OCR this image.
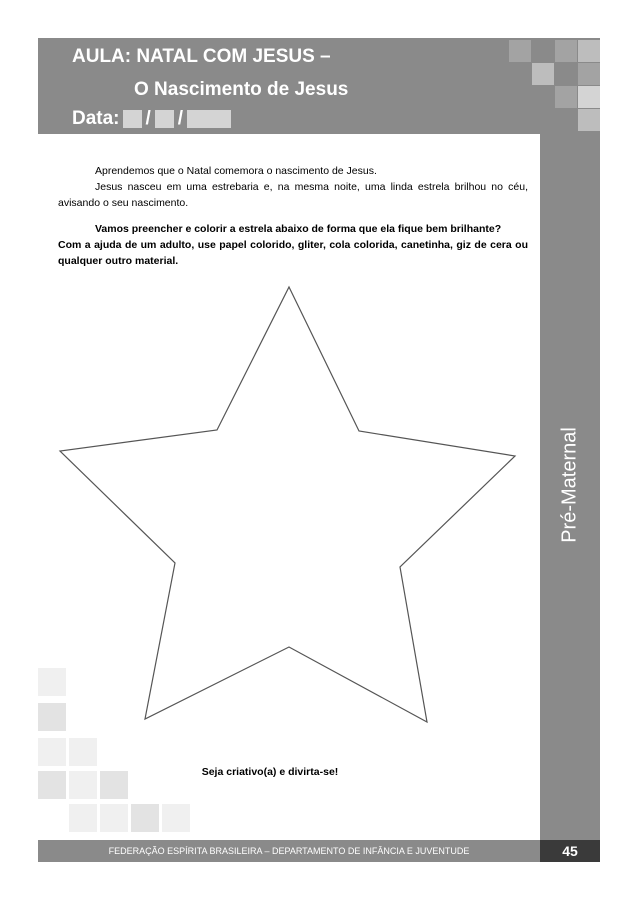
AULA: NATAL COM JESUS –
O Nascimento de Jesus
Data: / /
Pré-Maternal

Aprendemos que o Natal comemora o nascimento de Jesus.

Jesus nasceu em uma estrebaria e, na mesma noite, uma linda estrela brilhou no céu, avisando o seu nascimento.

Vamos preencher e colorir a estrela abaixo de forma que ela fique bem brilhante?

Com a ajuda de um adulto, use papel colorido, gliter, cola colorida, canetinha, giz de cera ou qualquer outro material.

Seja criativo(a) e divirta-se!
FEDERAÇÃO ESPÍRITA BRASILEIRA – DEPARTAMENTO DE INFÂNCIA E JUVENTUDE	45
